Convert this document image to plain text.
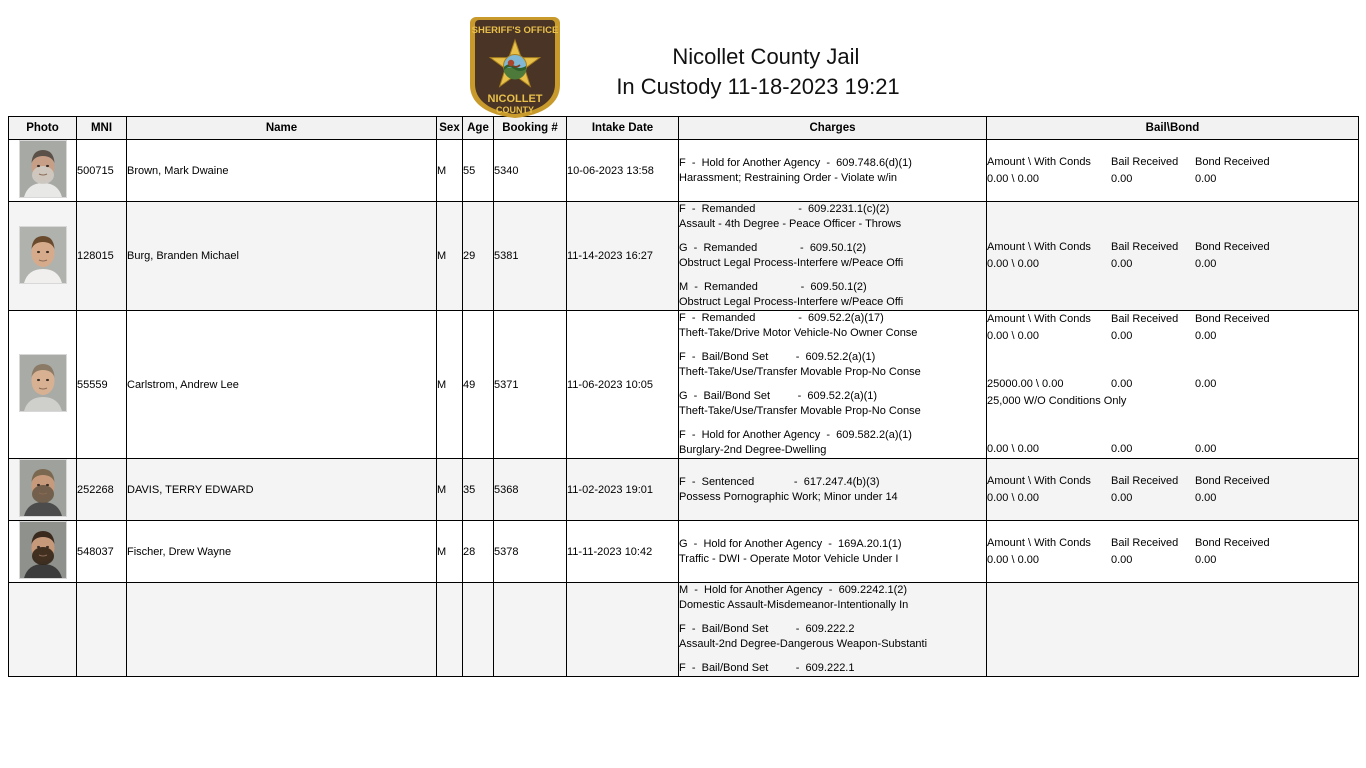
SHERIFF'S OFFICE
NICOLLET
COUNTY
Nicollet County Jail
In Custody 11-18-2023 19:21
Photo	MNI	Name	Sex	Age	Booking #	Intake Date	Charges	Bail\Bond

	500715	Brown, Mark Dwaine	M	55	5340	10-06-2023 13:58	
F  -  Hold for Another Agency  -  609.748.6(d)(1)
Harassment; Restraining Order - Violate w/in

Amount \ With Conds	Bail Received	Bond Received
0.00 \ 0.00	0.00	0.00

	128015	Burg, Branden Michael	M	29	5381	11-14-2023 16:27	
F  -  Remanded              -  609.2231.1(c)(2)
Assault - 4th Degree - Peace Officer - Throws
G  -  Remanded              -  609.50.1(2)
Obstruct Legal Process-Interfere w/Peace Offi
M  -  Remanded              -  609.50.1(2)
Obstruct Legal Process-Interfere w/Peace Offi

Amount \ With Conds	Bail Received	Bond Received
0.00 \ 0.00	0.00	0.00

	55559	Carlstrom, Andrew Lee	M	49	5371	11-06-2023 10:05	
F  -  Remanded              -  609.52.2(a)(17)
Theft-Take/Drive Motor Vehicle-No Owner Conse
F  -  Bail/Bond Set         -  609.52.2(a)(1)
Theft-Take/Use/Transfer Movable Prop-No Conse
G  -  Bail/Bond Set         -  609.52.2(a)(1)
Theft-Take/Use/Transfer Movable Prop-No Conse
F  -  Hold for Another Agency  -  609.582.2(a)(1)
Burglary-2nd Degree-Dwelling

Amount \ With Conds	Bail Received	Bond Received
0.00 \ 0.00	0.00	0.00
25000.00 \ 0.00	0.00	0.00
25,000 W/O Conditions Only
0.00 \ 0.00	0.00	0.00

	252268	DAVIS, TERRY EDWARD	M	35	5368	11-02-2023 19:01	
F  -  Sentenced             -  617.247.4(b)(3)
Possess Pornographic Work; Minor under 14

Amount \ With Conds	Bail Received	Bond Received
0.00 \ 0.00	0.00	0.00

	548037	Fischer, Drew Wayne	M	28	5378	11-11-2023 10:42	
G  -  Hold for Another Agency  -  169A.20.1(1)
Traffic - DWI - Operate Motor Vehicle Under I

Amount \ With Conds	Bail Received	Bond Received
0.00 \ 0.00	0.00	0.00

							M  -  Hold for Another Agency  -  609.2242.1(2)
Domestic Assault-Misdemeanor-Intentionally In
F  -  Bail/Bond Set         -  609.222.2
Assault-2nd Degree-Dangerous Weapon-Substanti
F  -  Bail/Bond Set         -  609.222.1	
